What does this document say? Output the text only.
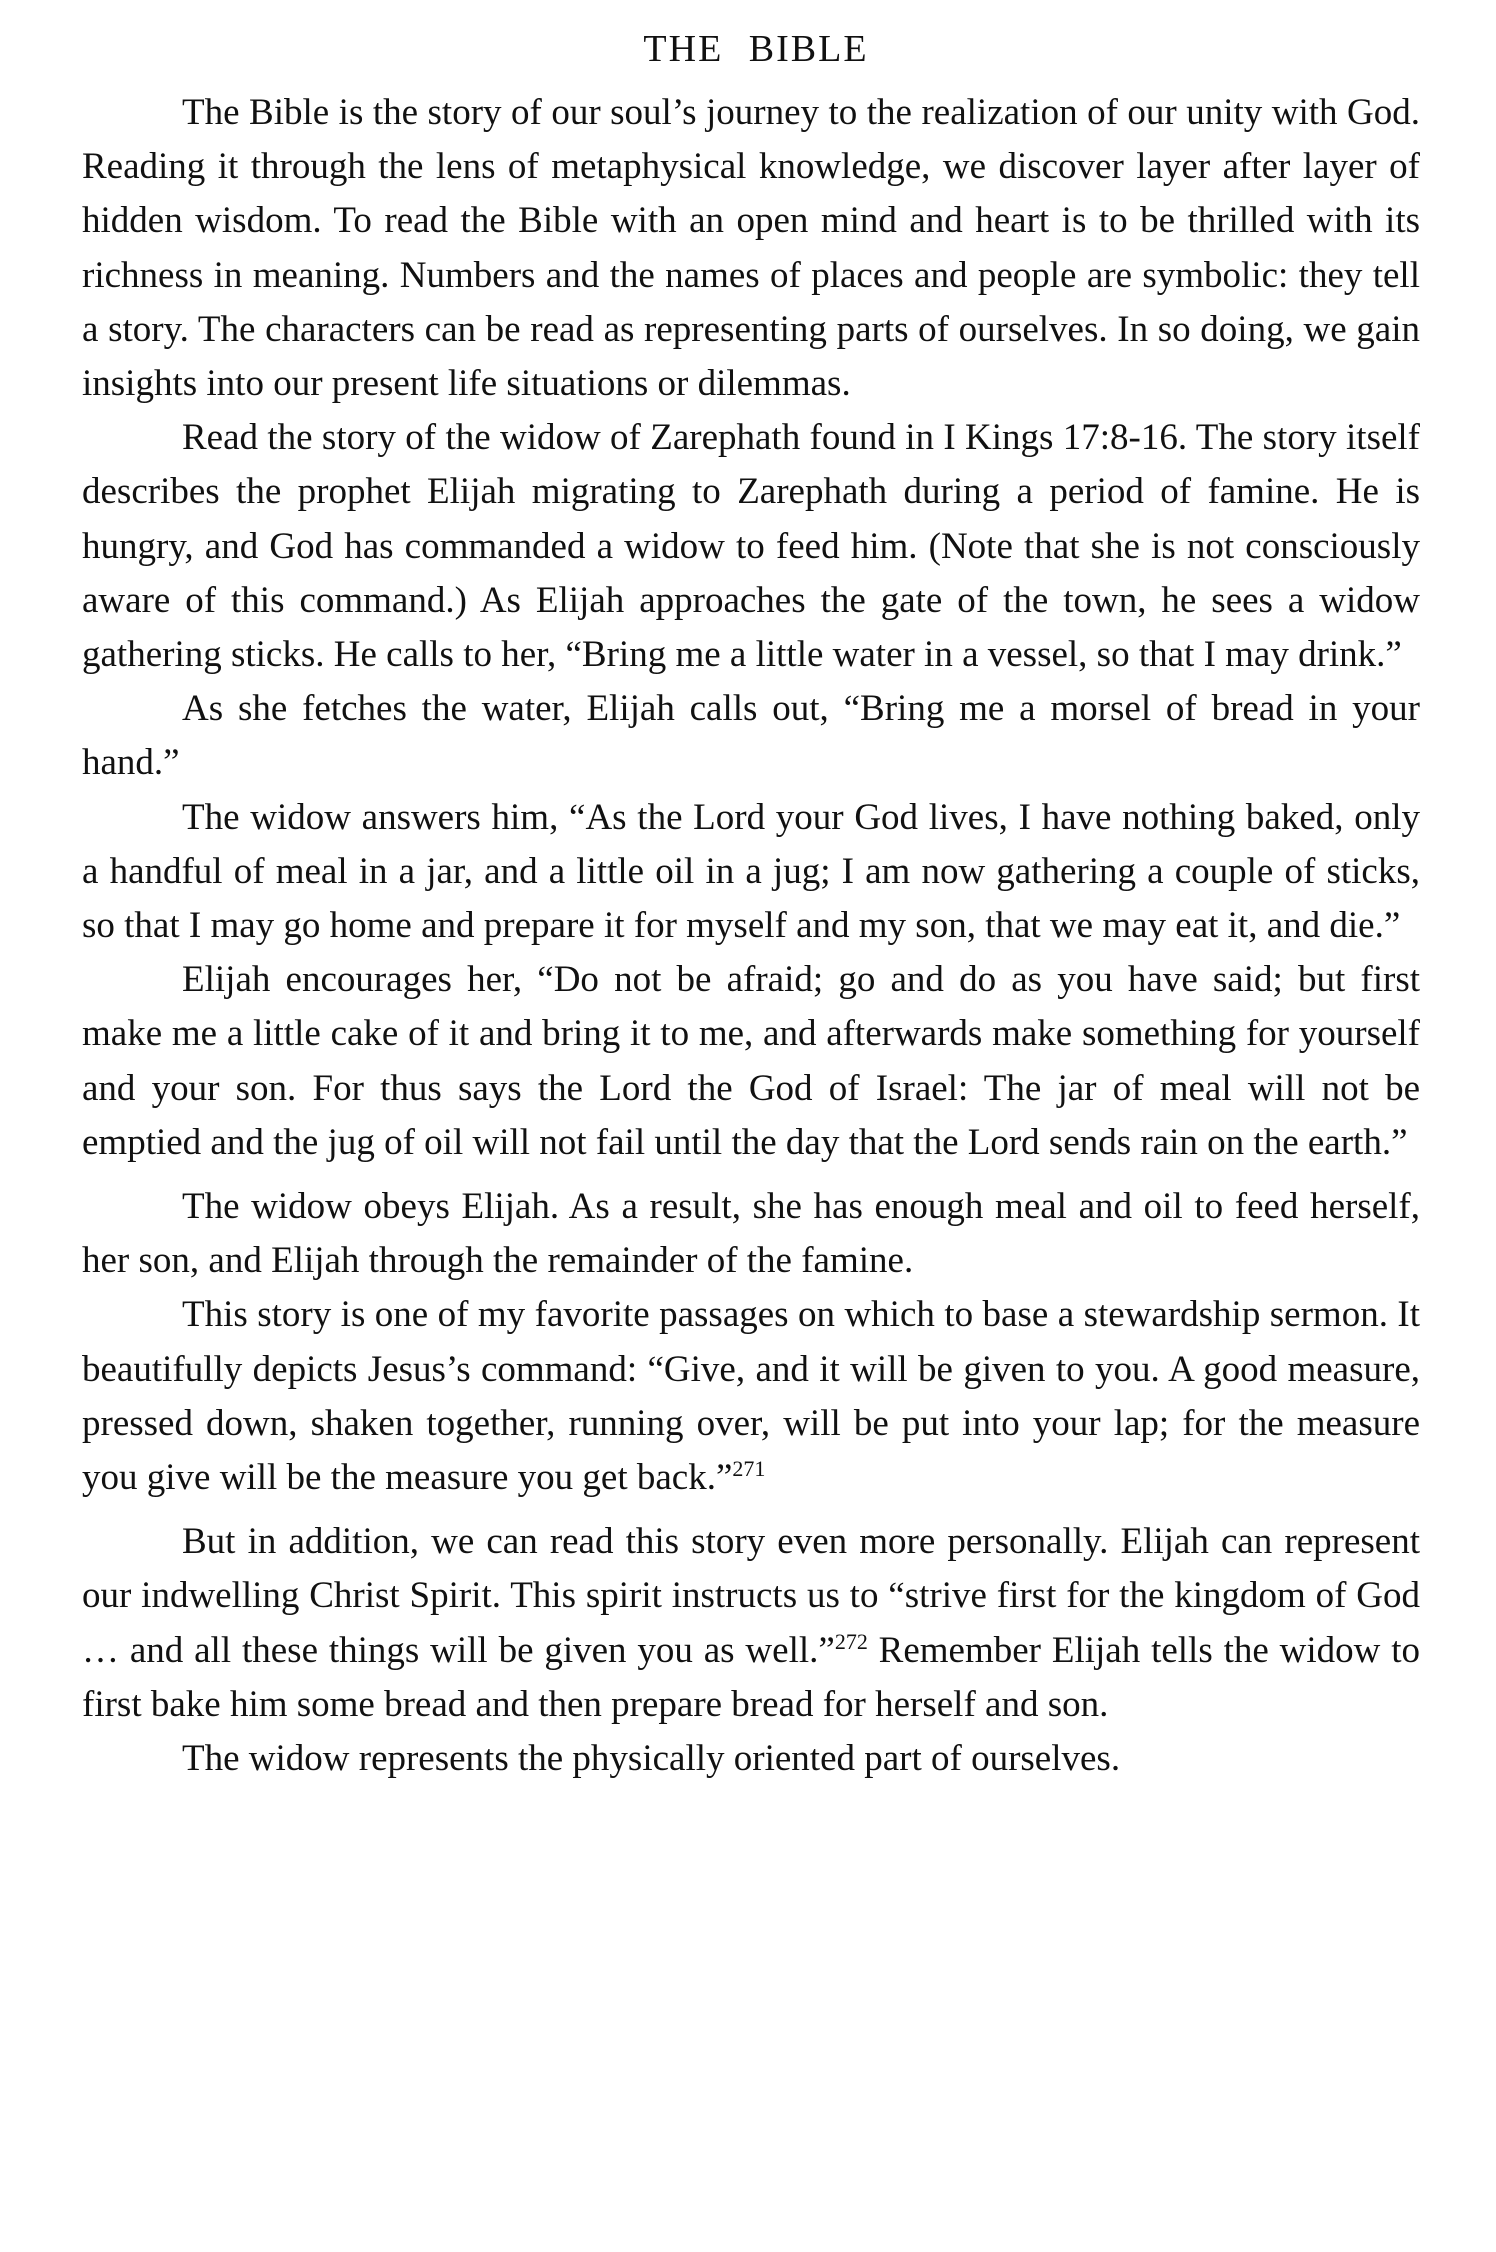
THE BIBLE

The Bible is the story of our soul’s journey to the realization of our unity with God. Reading it through the lens of metaphysical knowledge, we discover layer after layer of hidden wisdom. To read the Bible with an open mind and heart is to be thrilled with its richness in meaning. Numbers and the names of places and people are symbolic: they tell a story. The characters can be read as representing parts of ourselves. In so doing, we gain insights into our present life situations or dilemmas.

Read the story of the widow of Zarephath found in I Kings 17:8-16. The story itself describes the prophet Elijah migrating to Zarephath during a period of famine. He is hungry, and God has commanded a widow to feed him. (Note that she is not consciously aware of this command.) As Elijah approaches the gate of the town, he sees a widow gathering sticks. He calls to her, “Bring me a little water in a vessel, so that I may drink.”

As she fetches the water, Elijah calls out, “Bring me a morsel of bread in your hand.”

The widow answers him, “As the Lord your God lives, I have nothing baked, only a handful of meal in a jar, and a little oil in a jug; I am now gathering a couple of sticks, so that I may go home and prepare it for myself and my son, that we may eat it, and die.”

Elijah encourages her, “Do not be afraid; go and do as you have said; but first make me a little cake of it and bring it to me, and afterwards make something for yourself and your son. For thus says the Lord the God of Israel: The jar of meal will not be emptied and the jug of oil will not fail until the day that the Lord sends rain on the earth.”

The widow obeys Elijah. As a result, she has enough meal and oil to feed herself, her son, and Elijah through the remainder of the famine.

This story is one of my favorite passages on which to base a stewardship sermon. It beautifully depicts Jesus’s command: “Give, and it will be given to you. A good measure, pressed down, shaken together, running over, will be put into your lap; for the measure you give will be the measure you get back.”$^{271}$

But in addition, we can read this story even more personally. Elijah can represent our indwelling Christ Spirit. This spirit instructs us to “strive first for the kingdom of God … and all these things will be given you as well.”$^{272}$ Remember Elijah tells the widow to first bake him some bread and then prepare bread for herself and son.

The widow represents the physically oriented part of ourselves.
